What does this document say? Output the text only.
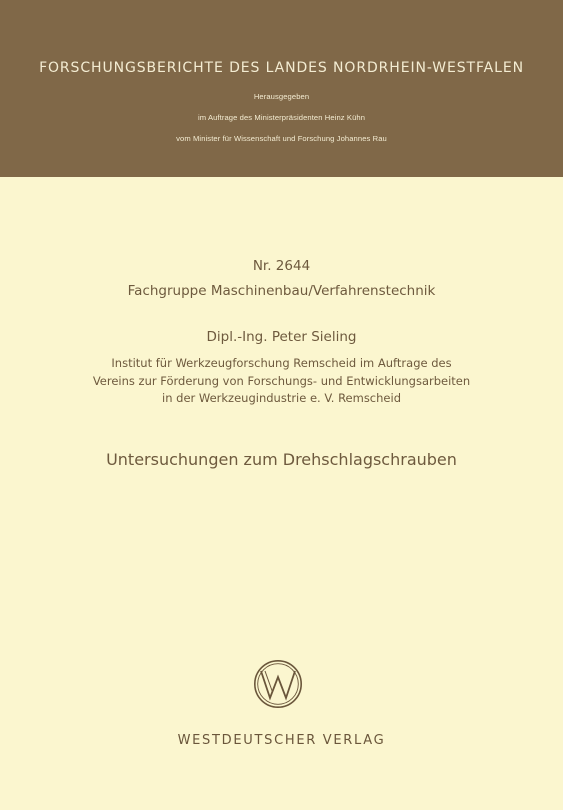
FORSCHUNGSBERICHTE DES LANDES NORDRHEIN-WESTFALEN
Herausgegeben
im Auftrage des Ministerpräsidenten Heinz Kühn
vom Minister für Wissenschaft und Forschung Johannes Rau
Nr. 2644
Fachgruppe Maschinenbau/Verfahrenstechnik
Dipl.-Ing. Peter Sieling
Institut für Werkzeugforschung Remscheid im Auftrage des
Vereins zur Förderung von Forschungs- und Entwicklungsarbeiten
in der Werkzeugindustrie e. V. Remscheid
Untersuchungen zum Drehschlagschrauben
WESTDEUTSCHER VERLAG
